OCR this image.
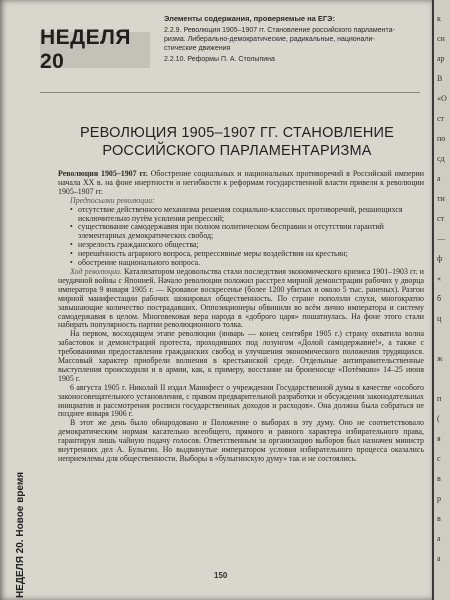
НЕДЕЛЯ 20
Элементы содержания, проверяемые на ЕГЭ:
2.2.9. Революция 1905–1907 гг. Становление российского парламента-
ризма. Либерально-демократические, радикальные, национали-
стические движения
2.2.10. Реформы П. А. Столыпина
РЕВОЛЮЦИЯ 1905–1907 ГГ. СТАНОВЛЕНИЕ РОССИЙСКОГО ПАРЛАМЕНТАРИЗМА

Революция 1905–1907 гг. Обострение социальных и национальных противоречий в Российской империи начала XX в. на фоне инертности и негибкости к реформам государственной власти привели к революции 1905–1907 гг.

Предпосылки революции:

• отсутствие действенного механизма решения социально-классовых противоречий, решающихся исключительно путём усиления репрессий;
• существование самодержавия при полном политическом бесправии и отсутствии гарантий элементарных демократических свобод;
• незрелость гражданского общества;
• нерешённость аграрного вопроса, репрессивные меры воздействия на крестьян;
• обострение национального вопроса.

Ход революции. Катализатором недовольства стали последствия экономического кризиса 1901–1903 гг. и неудачной войны с Японией. Начало революции положил расстрел мирной демонстрации рабочих у дворца императора 9 января 1905 г. — Кровавое воскресенье (более 1200 убитых и около 5 тыс. раненых). Разгон мирной манифестации рабочих шокировал общественность. По стране поползли слухи, многократно завышающие количество пострадавших. Оппозиционеры обвинили во всём лично императора и систему самодержавия в целом. Многовековая вера народа в «доброго царя» пошатнулась. На фоне этого стали набирать популярность партии революционного толка.

На первом, восходящем этапе революции (январь — конец сентября 1905 г.) страну охватила волна забастовок и демонстраций протеста, проходивших под лозунгом «Долой самодержавие!», а также с требованиями предоставления гражданских свобод и улучшения экономического положения трудящихся. Массовый характер приобрели волнения в крестьянской среде. Отдельные антиправительственные выступления происходили и в армии, как, к примеру, восстание на броненосце «Потёмкин» 14–25 июня 1905 г.

6 августа 1905 г. Николай II издал Манифест о учреждении Государственной думы в качестве «особого законосовещательного установления, с правом предварительной разработки и обсуждения законодательных инициатив и рассмотрения росписи государственных доходов и расходов». Она должна была собраться не позднее января 1906 г.

В этот же день было обнародовано и Положение о выборах в эту думу. Оно не соответствовало демократическим нормам касательно всеобщего, прямого и равного характера избирательного права, гарантируя лишь чайную подачу голосов. Ответственным за организацию выборов был назначен министр внутренних дел А. Булыгин. Но выдвинутые императором условия избирательного процесса оказались неприемлемы для общественности. Выборы в «булыгинскую думу» так и не состоялись.

НЕДЕЛЯ 20. Новое время	150
к
сн
ар
В
«О
ст
по
сд
а
ти
ст
—
ф
«
б
ц
ж
п
(
я
с
в
р
в
а
а
